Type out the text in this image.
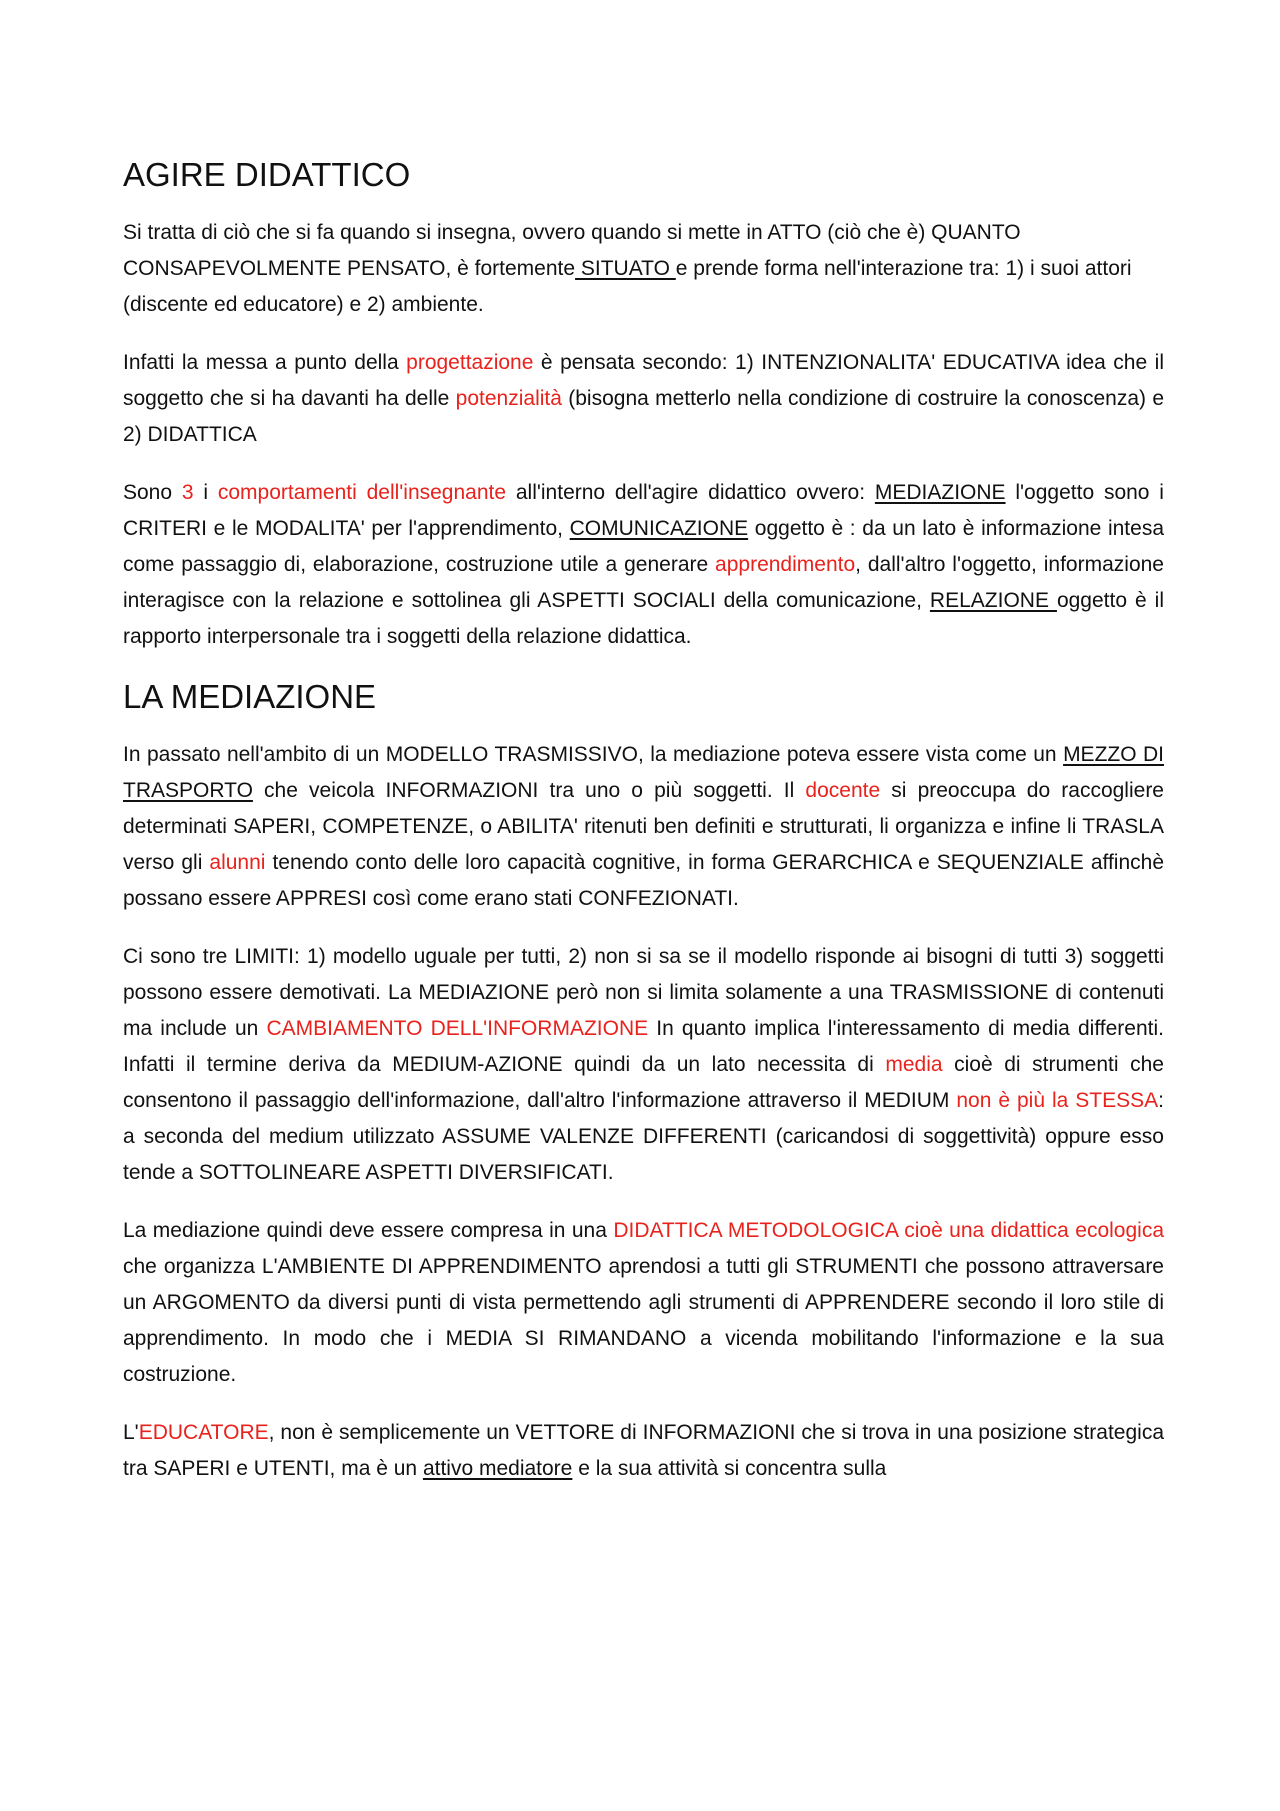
AGIRE DIDATTICO

Si tratta di ciò che si fa quando si insegna, ovvero quando si mette in ATTO (ciò che è) QUANTO CONSAPEVOLMENTE PENSATO, è fortemente SITUATO e prende forma nell'interazione tra: 1) i suoi attori (discente ed educatore) e 2) ambiente.

Infatti la messa a punto della progettazione è pensata secondo: 1) INTENZIONALITA' EDUCATIVA idea che il soggetto che si ha davanti ha delle potenzialità (bisogna metterlo nella condizione di costruire la conoscenza) e 2) DIDATTICA

Sono 3 i comportamenti dell'insegnante all'interno dell'agire didattico ovvero: MEDIAZIONE l'oggetto sono i CRITERI e le MODALITA' per l'apprendimento, COMUNICAZIONE oggetto è : da un lato è informazione intesa come passaggio di, elaborazione, costruzione utile a generare apprendimento, dall'altro l'oggetto, informazione interagisce con la relazione e sottolinea gli ASPETTI SOCIALI della comunicazione, RELAZIONE oggetto è il rapporto interpersonale tra i soggetti della relazione didattica.

LA MEDIAZIONE

In passato nell'ambito di un MODELLO TRASMISSIVO, la mediazione poteva essere vista come un MEZZO DI TRASPORTO che veicola INFORMAZIONI tra uno o più soggetti. Il docente si preoccupa do raccogliere determinati SAPERI, COMPETENZE, o ABILITA' ritenuti ben definiti e strutturati, li organizza e infine li TRASLA verso gli alunni tenendo conto delle loro capacità cognitive, in forma GERARCHICA e SEQUENZIALE affinchè possano essere APPRESI così come erano stati CONFEZIONATI.

Ci sono tre LIMITI: 1) modello uguale per tutti, 2) non si sa se il modello risponde ai bisogni di tutti 3) soggetti possono essere demotivati. La MEDIAZIONE però non si limita solamente a una TRASMISSIONE di contenuti ma include un CAMBIAMENTO DELL'INFORMAZIONE In quanto implica l'interessamento di media differenti. Infatti il termine deriva da MEDIUM-AZIONE quindi da un lato necessita di media cioè di strumenti che consentono il passaggio dell'informazione, dall'altro l'informazione attraverso il MEDIUM non è più la STESSA: a seconda del medium utilizzato ASSUME VALENZE DIFFERENTI (caricandosi di soggettività) oppure esso tende a SOTTOLINEARE ASPETTI DIVERSIFICATI.

La mediazione quindi deve essere compresa in una DIDATTICA METODOLOGICA cioè una didattica ecologica che organizza L'AMBIENTE DI APPRENDIMENTO aprendosi a tutti gli STRUMENTI che possono attraversare un ARGOMENTO da diversi punti di vista permettendo agli strumenti di APPRENDERE secondo il loro stile di apprendimento. In modo che i MEDIA SI RIMANDANO a vicenda mobilitando l'informazione e la sua costruzione.

L'EDUCATORE, non è semplicemente un VETTORE di INFORMAZIONI che si trova in una posizione strategica tra SAPERI e UTENTI, ma è un attivo mediatore e la sua attività si concentra sulla
